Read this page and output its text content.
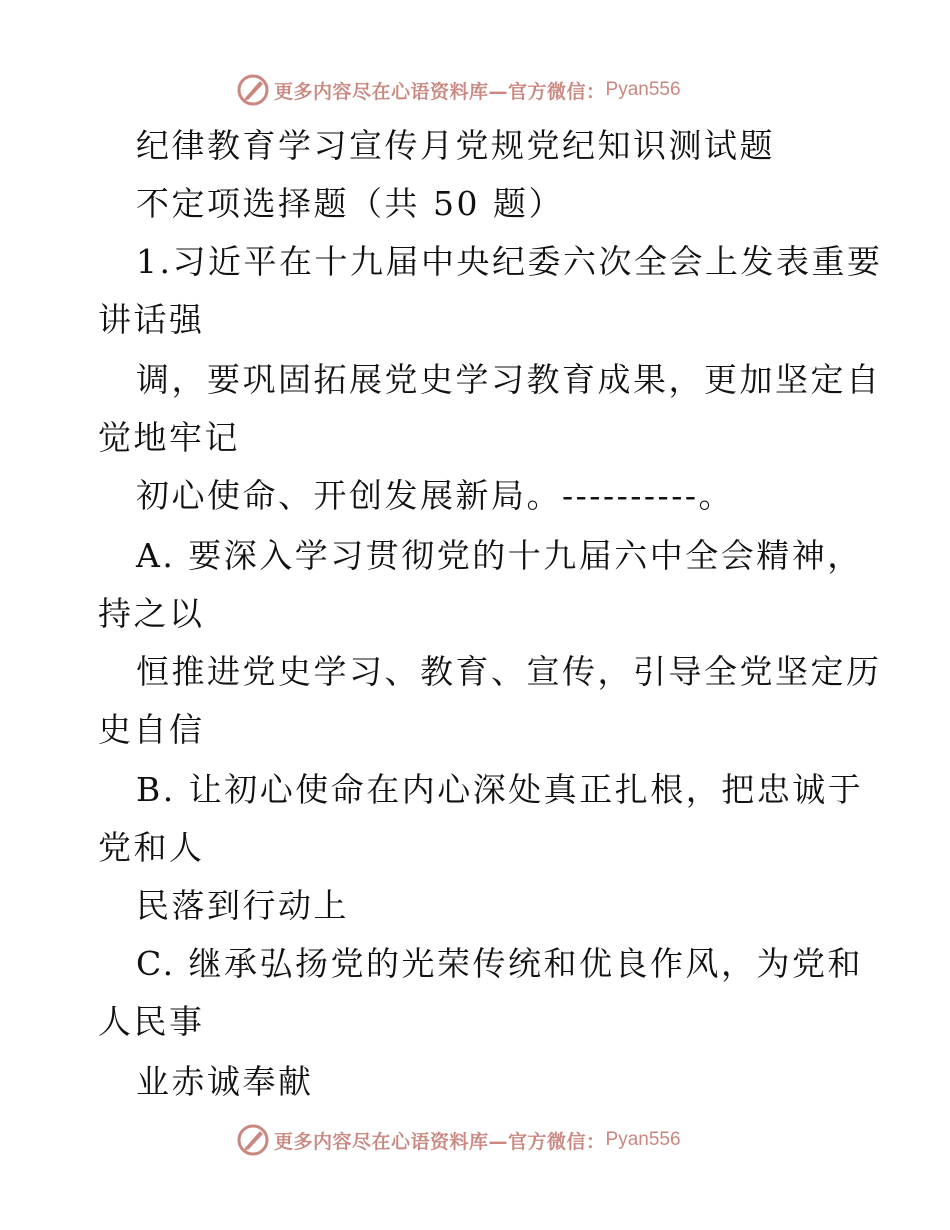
更多内容尽在心语资料库—官方微信： Pyan556
纪律教育学习宣传月党规党纪知识测试题
不定项选择题（共 50 题）
1.习近平在十九届中央纪委六次全会上发表重要
讲话强
调，要巩固拓展党史学习教育成果，更加坚定自
觉地牢记
初心使命、开创发展新局。----------。
A. 要深入学习贯彻党的十九届六中全会精神，
持之以
恒推进党史学习、教育、宣传，引导全党坚定历
史自信
B. 让初心使命在内心深处真正扎根，把忠诚于
党和人
民落到行动上
C. 继承弘扬党的光荣传统和优良作风，为党和
人民事
业赤诚奉献
更多内容尽在心语资料库—官方微信： Pyan556
